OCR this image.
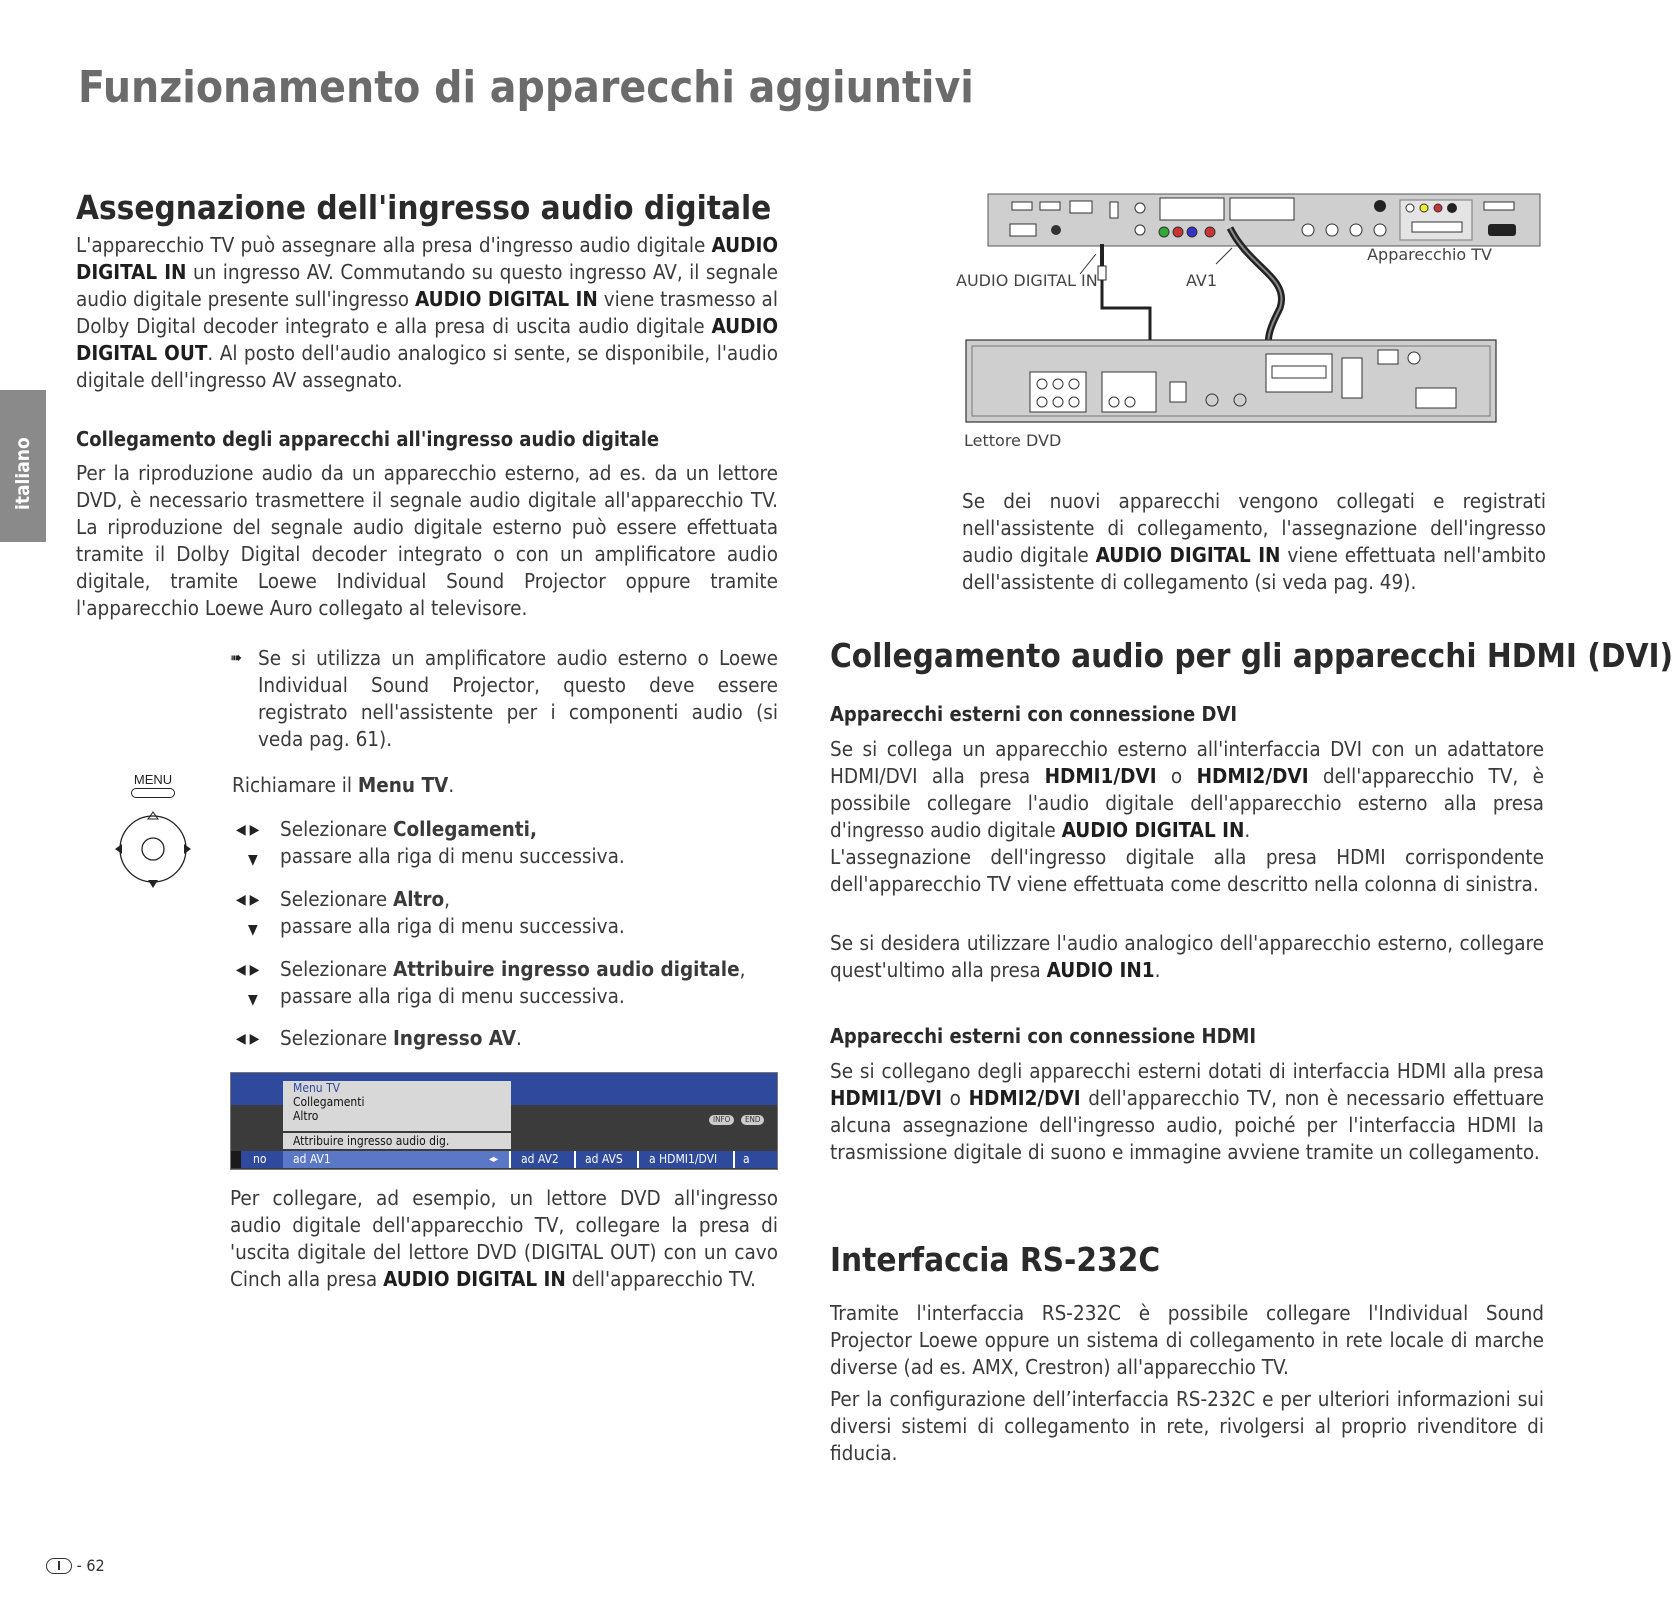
Funzionamento di apparecchi aggiuntivi
italiano
Assegnazione dell'ingresso audio digitale
L'apparecchio TV può assegnare alla presa d'ingresso audio digitale AUDIO DIGITAL IN un ingresso AV. Commutando su questo ingresso AV, il segnale audio digitale presente sull'ingresso AUDIO DIGITAL IN viene trasmesso al Dolby Digital decoder integrato e alla presa di uscita audio digitale AUDIO DIGITAL OUT. Al posto dell'audio analogico si sente, se disponibile, l'audio digitale dell'ingresso AV assegnato.
Collegamento degli apparecchi all'ingresso audio digitale
Per la riproduzione audio da un apparecchio esterno, ad es. da un lettore DVD, è necessario trasmettere il segnale audio digitale all'apparecchio TV. La riproduzione del segnale audio digitale esterno può essere effettuata tramite il Dolby Digital decoder integrato o con un amplificatore audio digitale, tramite Loewe Individual Sound Projector oppure tramite l'apparecchio Loewe Auro collegato al televisore.
➠ Se si utilizza un amplificatore audio esterno o Loewe Individual Sound Projector, questo deve essere registrato nell'assistente per i componenti audio (si veda pag. 61).
MENU	Richiamare il Menu TV.
◀ ▶ Selezionare Collegamenti,
▼ passare alla riga di menu successiva.
◀ ▶ Selezionare Altro,
▼ passare alla riga di menu successiva.
◀ ▶ Selezionare Attribuire ingresso audio digitale,
▼ passare alla riga di menu successiva.
◀ ▶ Selezionare Ingresso AV.
Menu TV
Collegamenti
Altro	INFO	END
Attribuire ingresso audio dig.
no ad AV1	◂▸ ad AV2 ad AVS a HDMI1/DVI a HDM
Per collegare, ad esempio, un lettore DVD all'ingresso audio digitale dell'apparecchio TV, collegare la presa di 'uscita digitale del lettore DVD (DIGITAL OUT) con un cavo Cinch alla presa AUDIO DIGITAL IN dell'apparecchio TV.
Apparecchio TV
AUDIO DIGITAL IN	AV1
Lettore DVD
Se dei nuovi apparecchi vengono collegati e registrati nell'assistente di collegamento, l'assegnazione dell'ingresso audio digitale AUDIO DIGITAL IN viene effettuata nell'ambito dell'assistente di collegamento (si veda pag. 49).
Collegamento audio per gli apparecchi HDMI (DVI)
Apparecchi esterni con connessione DVI
Se si collega un apparecchio esterno all'interfaccia DVI con un adattatore HDMI/DVI alla presa HDMI1/DVI o HDMI2/DVI dell'apparecchio TV, è possibile collegare l'audio digitale dell'apparecchio esterno alla presa d'ingresso audio digitale AUDIO DIGITAL IN.
L'assegnazione dell'ingresso digitale alla presa HDMI corrispondente dell'apparecchio TV viene effettuata come descritto nella colonna di sinistra.
Se si desidera utilizzare l'audio analogico dell'apparecchio esterno, collegare quest'ultimo alla presa AUDIO IN1.
Apparecchi esterni con connessione HDMI
Se si collegano degli apparecchi esterni dotati di interfaccia HDMI alla presa HDMI1/DVI o HDMI2/DVI dell'apparecchio TV, non è necessario effettuare alcuna assegnazione dell'ingresso audio, poiché per l'interfaccia HDMI la trasmissione digitale di suono e immagine avviene tramite un collegamento.
Interfaccia RS-232C
Tramite l'interfaccia RS-232C è possibile collegare l'Individual Sound Projector Loewe oppure un sistema di collegamento in rete locale di marche diverse (ad es. AMX, Crestron) all'apparecchio TV.
Per la configurazione dell’interfaccia RS-232C e per ulteriori informazioni sui diversi sistemi di collegamento in rete, rivolgersi al proprio rivenditore di fiducia.
I - 62
